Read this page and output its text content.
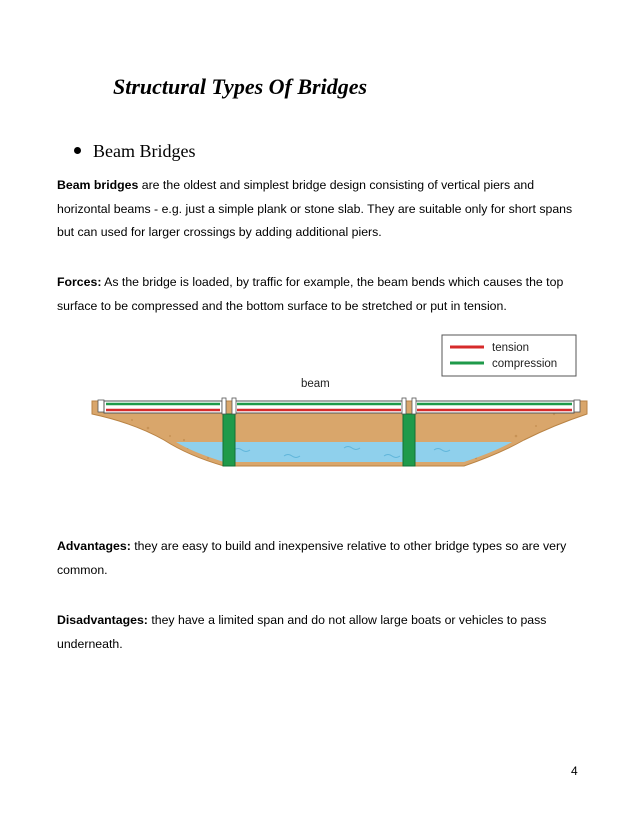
Structural Types Of Bridges
Beam Bridges
Beam bridges are the oldest and simplest bridge design consisting of vertical piers and horizontal beams - e.g. just a simple plank or stone slab. They are suitable only for short spans but can used for larger crossings by adding additional piers.
Forces: As the bridge is loaded, by traffic for example, the beam bends which causes the top surface to be compressed and the bottom surface to be stretched or put in tension.
tension
compression
beam
Advantages: they are easy to build and inexpensive relative to other bridge types so are very common.
Disadvantages: they have a limited span and do not allow large boats or vehicles to pass underneath.
4
